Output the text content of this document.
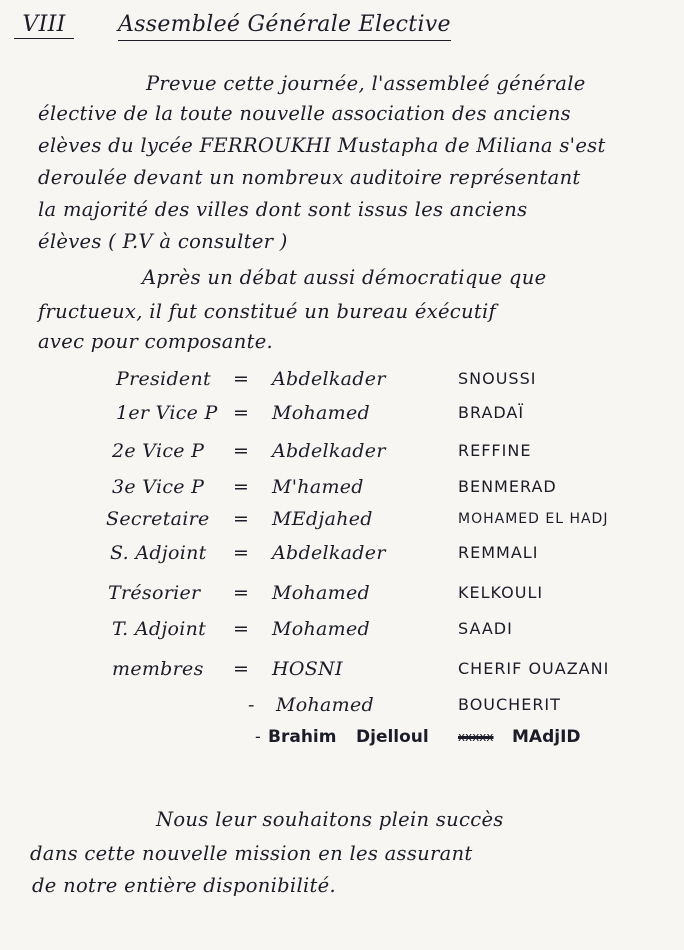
VIII	Assembleé Générale Elective
Prevue cette journée, l'assembleé générale
élective de la toute nouvelle association des anciens
elèves du lycée FERROUKHI Mustapha de Miliana s'est
deroulée devant un nombreux auditoire représentant
la majorité des villes dont sont issus les anciens
élèves ( P.V à consulter )
Après un débat aussi démocratique que
fructueux, il fut constitué un bureau éxécutif
avec pour composante.
President	= Abdelkader	SNOUSSI
1er Vice P = Mohamed	BRADAÏ
2e Vice P	= Abdelkader	REFFINE
3e Vice P	= M'hamed	BENMERAD
Secretaire	= MEdjahed	MOHAMED EL HADJ
S. Adjoint	= Abdelkader	REMMALI
Trésorier	= Mohamed	KELKOULI
T. Adjoint	= Mohamed	SAADI
membres	= HOSNI	CHERIF OUAZANI
- Mohamed	BOUCHERIT
- Brahim Djelloul xxxxx MAdjID
Nous leur souhaitons plein succès
dans cette nouvelle mission en les assurant
de notre entière disponibilité.
